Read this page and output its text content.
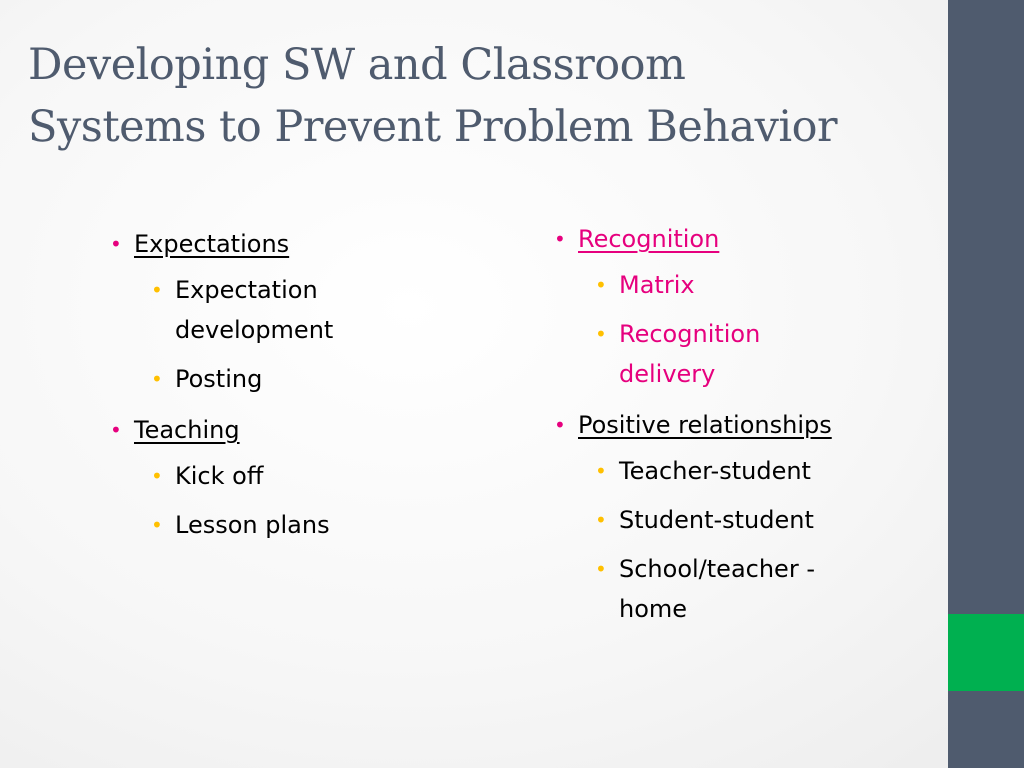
Developing SW and Classroom
Systems to Prevent Problem Behavior
• Expectations
• Expectation
development
• Posting
• Teaching
• Kick off
• Lesson plans
• Recognition
• Matrix
• Recognition
delivery
• Positive relationships
• Teacher-student
• Student-student
• School/teacher -
home
